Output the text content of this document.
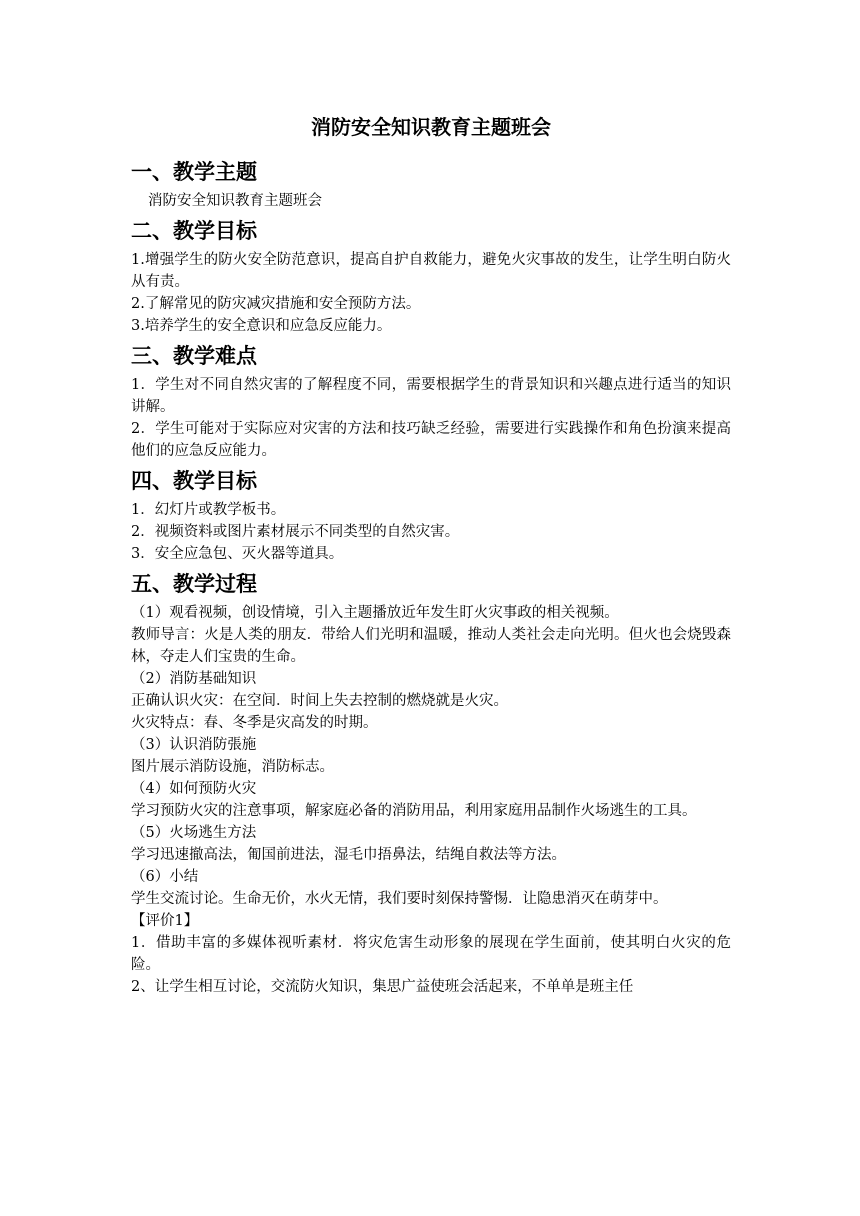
消防安全知识教育主题班会
一、教学主题
消防安全知识教育主题班会
二、教学目标
1.增强学生的防火安全防范意识，提高自护自救能力，避免火灾事故的发生，让学生明白防火从有责。
2.了解常见的防灾减灾措施和安全预防方法。
3.培养学生的安全意识和应急反应能力。
三、教学难点
1．学生对不同自然灾害的了解程度不同，需要根据学生的背景知识和兴趣点进行适当的知识讲解。
2．学生可能对于实际应对灾害的方法和技巧缺乏经验，需要进行实践操作和角色扮演来提高他们的应急反应能力。
四、教学目标
1．幻灯片或教学板书。
2．视频资料或图片素材展示不同类型的自然灾害。
3．安全应急包、灭火器等道具。
五、教学过程
（1）观看视频，创设情境，引入主题播放近年发生盯火灾事政的相关视频。
教师导言：火是人类的朋友．带给人们光明和温暖，推动人类社会走向光明。但火也会烧毁森林，夺走人们宝贵的生命。
（2）消防基础知识
正确认识火灾：在空间．时间上失去控制的燃烧就是火灾。
火灾特点：春、冬季是灾高发的时期。
（3）认识消防張施
图片展示消防设施，消防标志。
（4）如何预防火灾
学习预防火灾的注意事项，解家庭必备的消防用品，利用家庭用品制作火场逃生的工具。
（5）火场逃生方法
学习迅速撤高法，匍国前进法，湿毛巾捂鼻法，结绳自救法等方法。
（6）小结
学生交流讨论。生命无价，水火无情，我们要时刻保持警惕．让隐患消灭在萌芽中。
【评价1】
1．借助丰富的多媒体视听素材．将灾危害生动形象的展现在学生面前，使其明白火灾的危险。
2、让学生相互讨论，交流防火知识，集思广益使班会活起来，不单单是班主任
